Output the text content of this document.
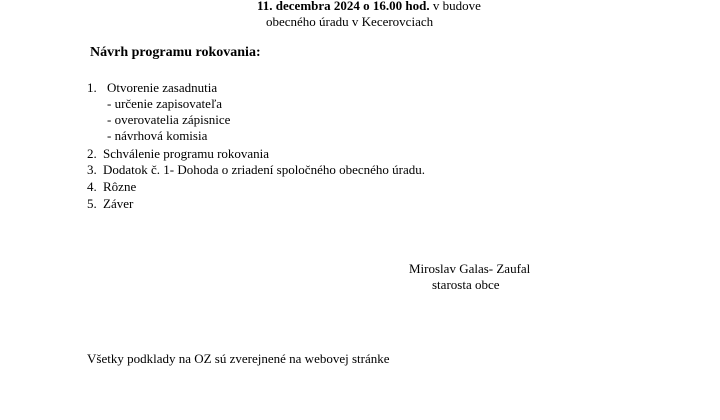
11. decembra 2024 o 16.00 hod. v budove
obecného úradu v Kecerovciach
Návrh programu rokovania:
1. Otvorenie zasadnutia
- určenie zapisovateľa
- overovatelia zápisnice
- návrhová komisia
2. Schválenie programu rokovania
3. Dodatok č. 1- Dohoda o zriadení spoločného obecného úradu.
4. Rôzne
5. Záver
Miroslav Galas- Zaufal
starosta obce
Všetky podklady na OZ sú zverejnené na webovej stránke
